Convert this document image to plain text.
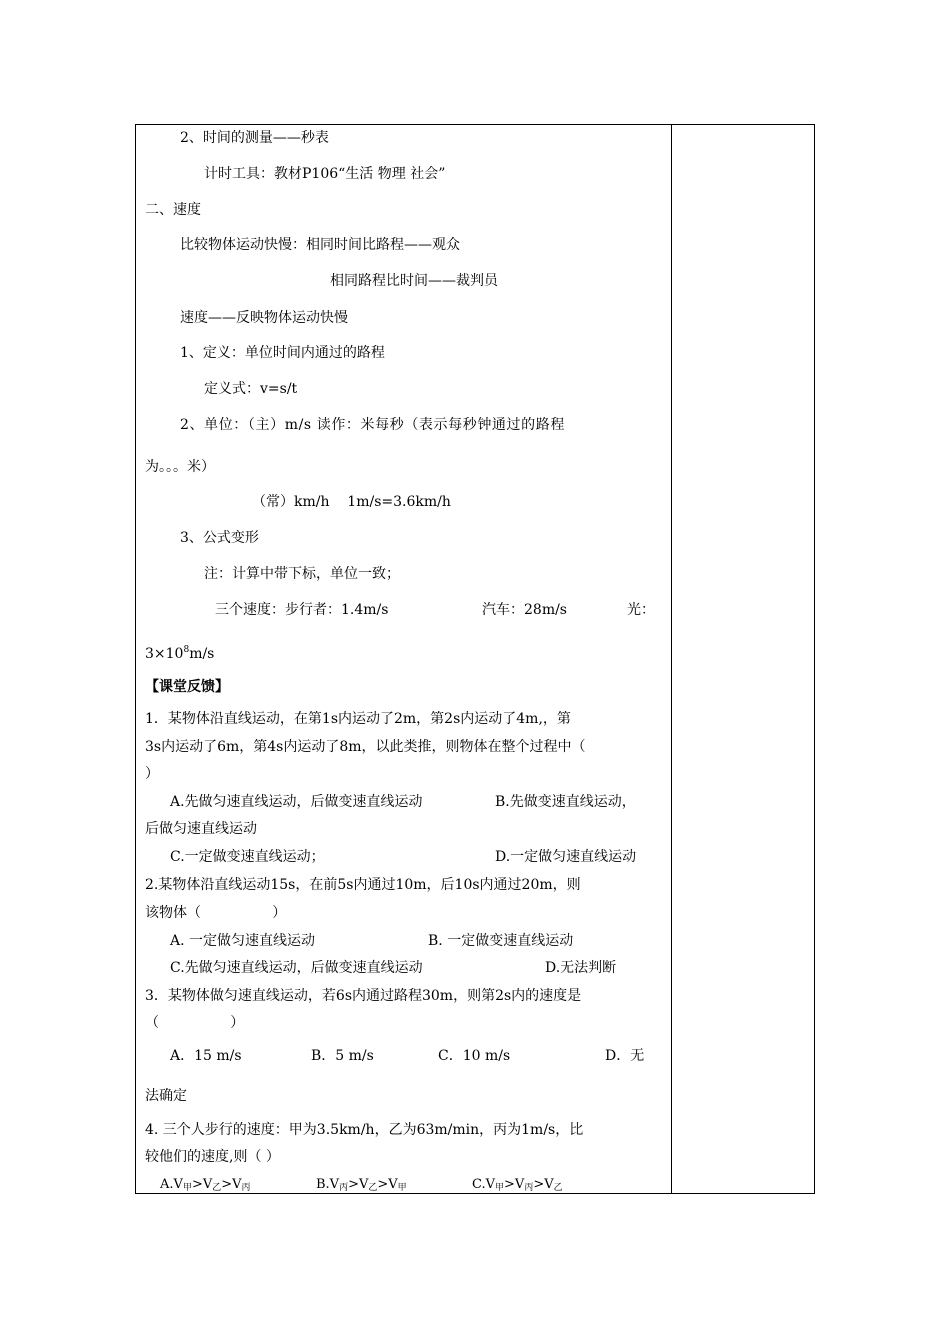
2、时间的测量——秒表
计时工具：教材P106“生活 物理 社会”
二、速度
比较物体运动快慢：相同时间比路程——观众
相同路程比时间——裁判员
速度——反映物体运动快慢
1、定义：单位时间内通过的路程
定义式：v=s/t
2、单位：（主）m/s 读作：米每秒（表示每秒钟通过的路程
为。。。米）
（常）km/h    1m/s=3.6km/h
3、公式变形
注：计算中带下标，单位一致；
三个速度：步行者：1.4m/s	汽车：28m/s	光：
$3\times 10^8m/s$
【课堂反馈】
1．某物体沿直线运动，在第1s内运动了2m，第2s内运动了4m,，第
3s内运动了6m，第4s内运动了8m，以此类推，则物体在整个过程中（
）
A.先做匀速直线运动，后做变速直线运动	B.先做变速直线运动，
后做匀速直线运动
C.一定做变速直线运动；	D.一定做匀速直线运动
2.某物体沿直线运动15s，在前5s内通过10m，后10s内通过20m，则
该物体（                ）
A. 一定做匀速直线运动	B. 一定做变速直线运动
C.先做匀速直线运动，后做变速直线运动	D.无法判断
3．某物体做匀速直线运动，若6s内通过路程30m，则第2s内的速度是
（                ）
A．15 m/s	B．5 m/s	C．10 m/s	D．无
法确定
4. 三个人步行的速度：甲为3.5km/h，乙为63m/min，丙为1m/s，比
较他们的速度,则（ ）
$A.V_甲>V_乙>V_丙$	$B.V_丙>V_乙>V_甲$	$C.V_甲>V_丙>V_乙$
